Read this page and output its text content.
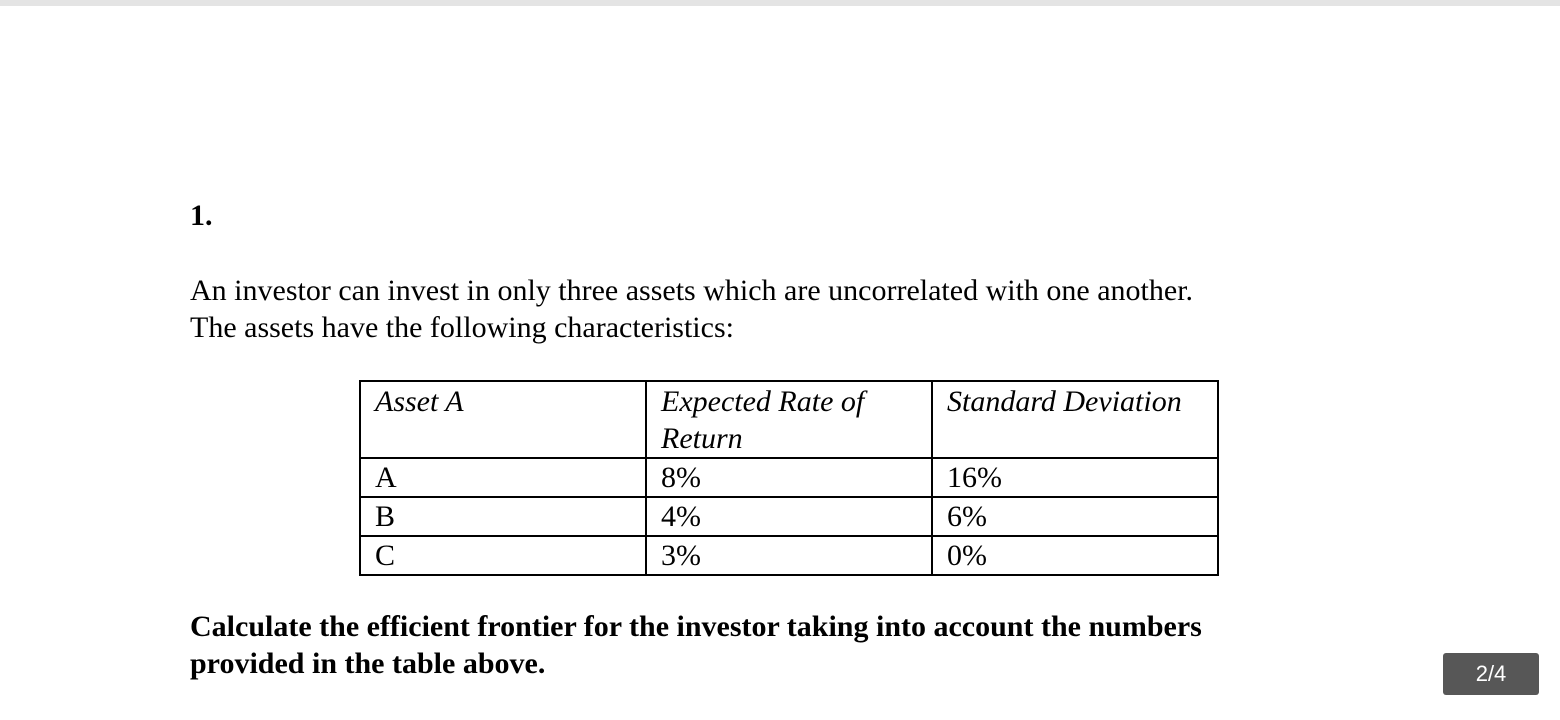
1.
An investor can invest in only three assets which are uncorrelated with one another.
The assets have the following characteristics:
Asset A	Expected Rate of Return	Standard Deviation
A	8%	16%
B	4%	6%
C	3%	0%
Calculate the efficient frontier for the investor taking into account the numbers
provided in the table above.	2/4
